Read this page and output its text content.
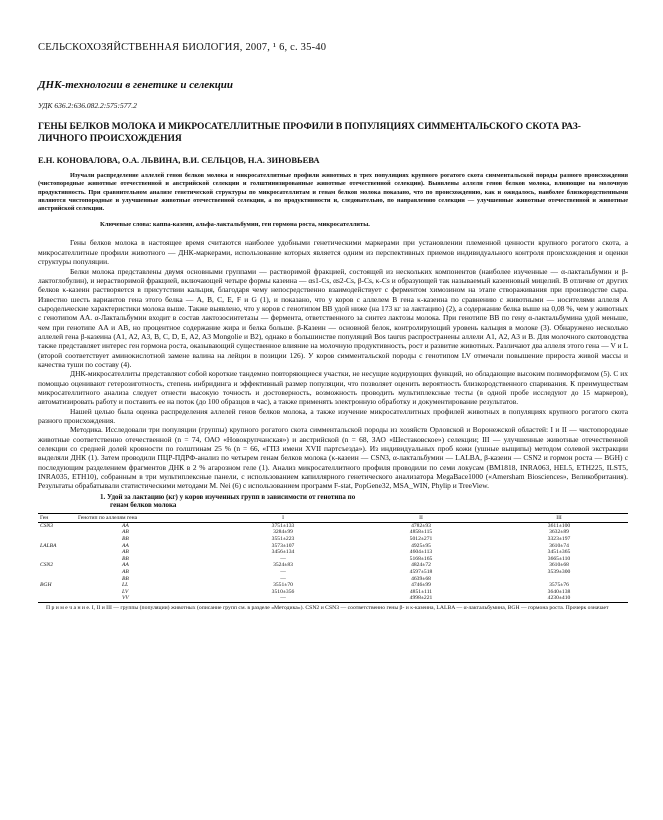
СЕЛЬСКОХОЗЯЙСТВЕННАЯ БИОЛОГИЯ, 2007, ¹ 6, с. 35-40
ДНК-технологии в генетике и селекции
УДК 636.2:636.082.2:575:577.2
ГЕНЫ БЕЛКОВ МОЛОКА И МИКРОСАТЕЛЛИТНЫЕ ПРОФИЛИ В ПОПУЛЯЦИЯХ СИММЕНТАЛЬСКОГО СКОТА РАЗ-ЛИЧНОГО ПРОИСХОЖДЕНИЯ
Е.Н. КОНОВАЛОВА, О.А. ЛЬВИНА, В.И. СЕЛЬЦОВ, Н.А. ЗИНОВЬЕВА
Изучали распределение аллелей генов белков молока и микросателлитные профили животных в трех популяциях крупного рогатого скота симментальской породы разного происхождения (чистопородные животные отечественной и австрийской селекции и голштинизированные животные отечественной селекции). Выявлены аллели генов белков молока, влияющие на молочную продуктивность. При сравнительном анализе генетической структуры по микросателлитам и генам белков молока показано, что по происхождению, как и ожидалось, наиболее близкородственными являются чистопородные и улучшенные животные отечественной селекции, а по продуктивности и, следовательно, по направлению селекции — улучшенные животные отечественной и животные австрийской селекции.
Ключевые слова: каппа-казеин, альфа-лактальбумин, ген гормона роста, микросателлиты.

Гены белков молока в настоящее время считаются наиболее удобными генетическими маркерами при установлении племенной ценности крупного рогатого скота, а микросателлитные профили животного — ДНК-маркерами, использование которых является одним из перспективных приемов индивидуального контроля происхождения и оценки структуры популяции.

Белки молока представлены двумя основными группами — растворимой фракцией, состоящей из нескольких компонентов (наиболее изученные — α-лактальбумин и β-лактоглобулин), и нерастворимой фракцией, включающей четыре формы казеина — αs1-Cs, αs2-Cs, β-Cs, κ-Cs и образующей так называемый казеиновый мицелий. В отличие от других белков κ-казеин растворяется в присутствии кальция, благодаря чему непосредственно взаимодействует с ферментом химозином на этапе створаживания при производстве сыра. Известно шесть вариантов гена этого белка — A, B, C, E, F и G (1), и показано, что у коров с аллелем B гена κ-казеина по сравнению с животными — носителями аллеля A сыродельческие характеристики молока выше. Также выявлено, что у коров с генотипом BB удой ниже (на 173 кг за лактацию) (2), а содержание белка выше на 0,08 %, чем у животных с генотипом AA. α-Лактальбумин входит в состав лактозосинтетазы — фермента, ответственного за синтез лактозы молока. При генотипе BB по гену α-лактальбумина удой меньше, чем при генотипе AA и AB, но процентное содержание жира и белка больше. β-Казеин — основной белок, контролирующий уровень кальция в молоке (3). Обнаружено несколько аллелей гена β-казеина (A1, A2, A3, B, C, D, E, A2, A3 Mongolie и B2), однако в большинстве популяций Bos taurus распространены аллели A1, A2, A3 и B. Для молочного скотоводства также представляет интерес ген гормона роста, оказывающий существенное влияние на молочную продуктивность, рост и развитие животных. Различают два аллеля этого гена — V и L (второй соответствует аминокислотной замене валина на лейцин в позиции 126). У коров симментальской породы с генотипом LV отмечали повышение прироста живой массы и качества туши по составу (4).

ДНК-микросателлиты представляют собой короткие тандемно повторяющиеся участки, не несущие кодирующих функций, но обладающие высоким полиморфизмом (5). С их помощью оценивают гетерозиготность, степень инбридинга и эффективный размер популяции, что позволяет оценить вероятность близкородственного спаривания. К преимуществам микросателлитного анализа следует отнести высокую точность и достоверность, возможность проводить мультиплексные тесты (в одной пробе исследуют до 15 маркеров), автоматизировать работу и поставить ее на поток (до 100 образцов в час), а также применять электронную обработку и документирование результатов.

Нашей целью была оценка распределения аллелей генов белков молока, а также изучение микросателлитных профилей животных в популяциях крупного рогатого скота разного происхождения.

Методика. Исследовали три популяции (группы) крупного рогатого скота симментальской породы из хозяйств Орловской и Воронежской областей: I и II — чистопородные животные соответственно отечественной (n = 74, ОАО «Новокрупчанская») и австрийской (n = 68, ЗАО «Шестаковское») селекции; III — улучшенные животные отечественной селекции со средней долей кровности по голштинам 25 % (n = 66, «ГПЗ имени XVII партсъезда»). Из индивидуальных проб кожи (ушные выщипы) методом солевой экстракции выделяли ДНК (1). Затем проводили ПЦР-ПДРФ-анализ по четырем генам белков молока (κ-казеин — CSN3, α-лактальбумин — LALBA, β-казеин — CSN2 и гормон роста — BGH) с последующим разделением фрагментов ДНК в 2 % агарозном геле (1). Анализ микросателлитного профиля проводили по семи локусам (BM1818, INRA063, HEL5, ETH225, ILST5, INRA035, ETH10), собранным в три мультиплексные панели, с использованием капиллярного генетического анализатора MegaBace1000 («Amersham Biosciences», Великобритания). Результаты обрабатывали статистическими методами М. Nei (6) с использованием программ F-stat, PopGene32, MSA_WIN, Phylip и TreeView.

1. Удой за лактацию (кг) у коров изученных групп в зависимости от генотипа по
генам белков молока
Ген	Генотип по аллелям гена	I	II	III
CSN3	AA	3751±133	4782±93	3611±100
	AB	3284±99	4858±115	3632±89
	BB	3551±223	5012±271	3323±197
LALBA	AA	3573±107	4925±95	3610±74
	AB	3456±134	4604±113	3451±365
	BB	—	5168±165	3665±110
CSN2	AA	3524±83	4824±72	3610±68
	AB	—	4597±518	3539±300
	BB	—	4639±68	
BGH	LL	3551±70	4746±99	3575±76
	LV	3510±356	4851±111	3640±138
	VV	—	4998±221	4230±410
П р и м е ч а н и е. I, II и III — группы (популяции) животных (описание групп см. в разделе «Методика»). CSN2 и CSN3 — соответственно гены β- и κ-казеина, LALBA — α-лактальбумина, BGH — гормона роста. Прочерк означает
